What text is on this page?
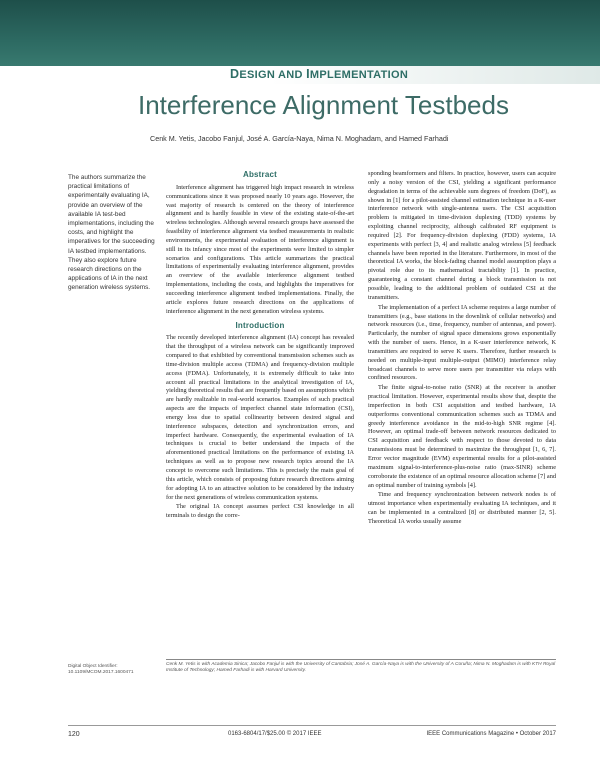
DESIGN AND IMPLEMENTATION
Interference Alignment Testbeds
Cenk M. Yetis, Jacobo Fanjul, José A. García-Naya, Nima N. Moghadam, and Hamed Farhadi
The authors summarize the practical limitations of experimentally evaluating IA, provide an overview of the available IA test-bed implementations, including the costs, and highlight the imperatives for the succeeding IA testbed implementations. They also explore future research directions on the applications of IA in the next generation wireless systems.
Abstract

Interference alignment has triggered high impact research in wireless communications since it was proposed nearly 10 years ago. However, the vast majority of research is centered on the theory of interference alignment and is hardly feasible in view of the existing state-of-the-art wireless technologies. Although several research groups have assessed the feasibility of interference alignment via testbed measurements in realistic environments, the experimental evaluation of interference alignment is still in its infancy since most of the experiments were limited to simpler scenarios and configurations. This article summarizes the practical limitations of experimentally evaluating interference alignment, provides an overview of the available interference alignment testbed implementations, including the costs, and highlights the imperatives for succeeding interference alignment testbed implementations. Finally, the article explores future research directions on the applications of interference alignment in the next generation wireless systems.

Introduction

The recently developed interference alignment (IA) concept has revealed that the throughput of a wireless network can be significantly improved compared to that exhibited by conventional transmission schemes such as time-division multiple access (TDMA) and frequency-division multiple access (FDMA). Unfortunately, it is extremely difficult to take into account all practical limitations in the analytical investigation of IA, yielding theoretical results that are frequently based on assumptions which are hardly realizable in real-world scenarios. Examples of such practical aspects are the impacts of imperfect channel state information (CSI), energy loss due to spatial collinearity between desired signal and interference subspaces, detection and synchronization errors, and imperfect hardware. Consequently, the experimental evaluation of IA techniques is crucial to better understand the impacts of the aforementioned practical limitations on the performance of existing IA techniques as well as to propose new research topics around the IA concept to overcome such limitations. This is precisely the main goal of this article, which consists of proposing future research directions aiming for adopting IA to an attractive solution to be considered by the industry for the next generations of wireless communication systems.

The original IA concept assumes perfect CSI knowledge in all terminals to design the corre-

sponding beamformers and filters. In practice, however, users can acquire only a noisy version of the CSI, yielding a significant performance degradation in terms of the achievable sum degrees of freedom (DoF), as shown in [1] for a pilot-assisted channel estimation technique in a K-user interference network with single-antenna users. The CSI acquisition problem is mitigated in time-division duplexing (TDD) systems by exploiting channel reciprocity, although calibrated RF equipment is required [2]. For frequency-division duplexing (FDD) systems, IA experiments with perfect [3, 4] and realistic analog wireless [5] feedback channels have been reported in the literature. Furthermore, in most of the theoretical IA works, the block-fading channel model assumption plays a pivotal role due to its mathematical tractability [1]. In practice, guaranteeing a constant channel during a block transmission is not possible, leading to the additional problem of outdated CSI at the transmitters.

The implementation of a perfect IA scheme requires a large number of transmitters (e.g., base stations in the downlink of cellular networks) and network resources (i.e., time, frequency, number of antennas, and power). Particularly, the number of signal space dimensions grows exponentially with the number of users. Hence, in a K-user interference network, K transmitters are required to serve K users. Therefore, further research is needed on multiple-input multiple-output (MIMO) interference relay broadcast channels to serve more users per transmitter via relays with confined resources.

The finite signal-to-noise ratio (SNR) at the receiver is another practical limitation. However, experimental results show that, despite the imperfection in both CSI acquisition and testbed hardware, IA outperforms conventional communication schemes such as TDMA and greedy interference avoidance in the mid-to-high SNR regime [4]. However, an optimal trade-off between network resources dedicated to CSI acquisition and feedback with respect to those devoted to data transmissions must be determined to maximize the throughput [1, 6, 7]. Error vector magnitude (EVM) experimental results for a pilot-assisted maximum signal-to-interference-plus-noise ratio (max-SINR) scheme corroborate the existence of an optimal resource allocation scheme [7] and an optimal number of training symbols [4].

Time and frequency synchronization between network nodes is of utmost importance when experimentally evaluating IA techniques, and it can be implemented in a centralized [8] or distributed manner [2, 5]. Theoretical IA works usually assume

Digital Object Identifier: 10.1109/MCOM.2017.1600471
Cenk M. Yetis is with Academia Sinica; Jacobo Fanjul is with the University of Cantabria; José A. García-Naya is with the University of A Coruña; Nima N. Moghadam is with KTH Royal Institute of Technology; Hamed Farhadi is with Harvard University.
120	0163-6804/17/$25.00 © 2017 IEEE	IEEE Communications Magazine • October 2017
